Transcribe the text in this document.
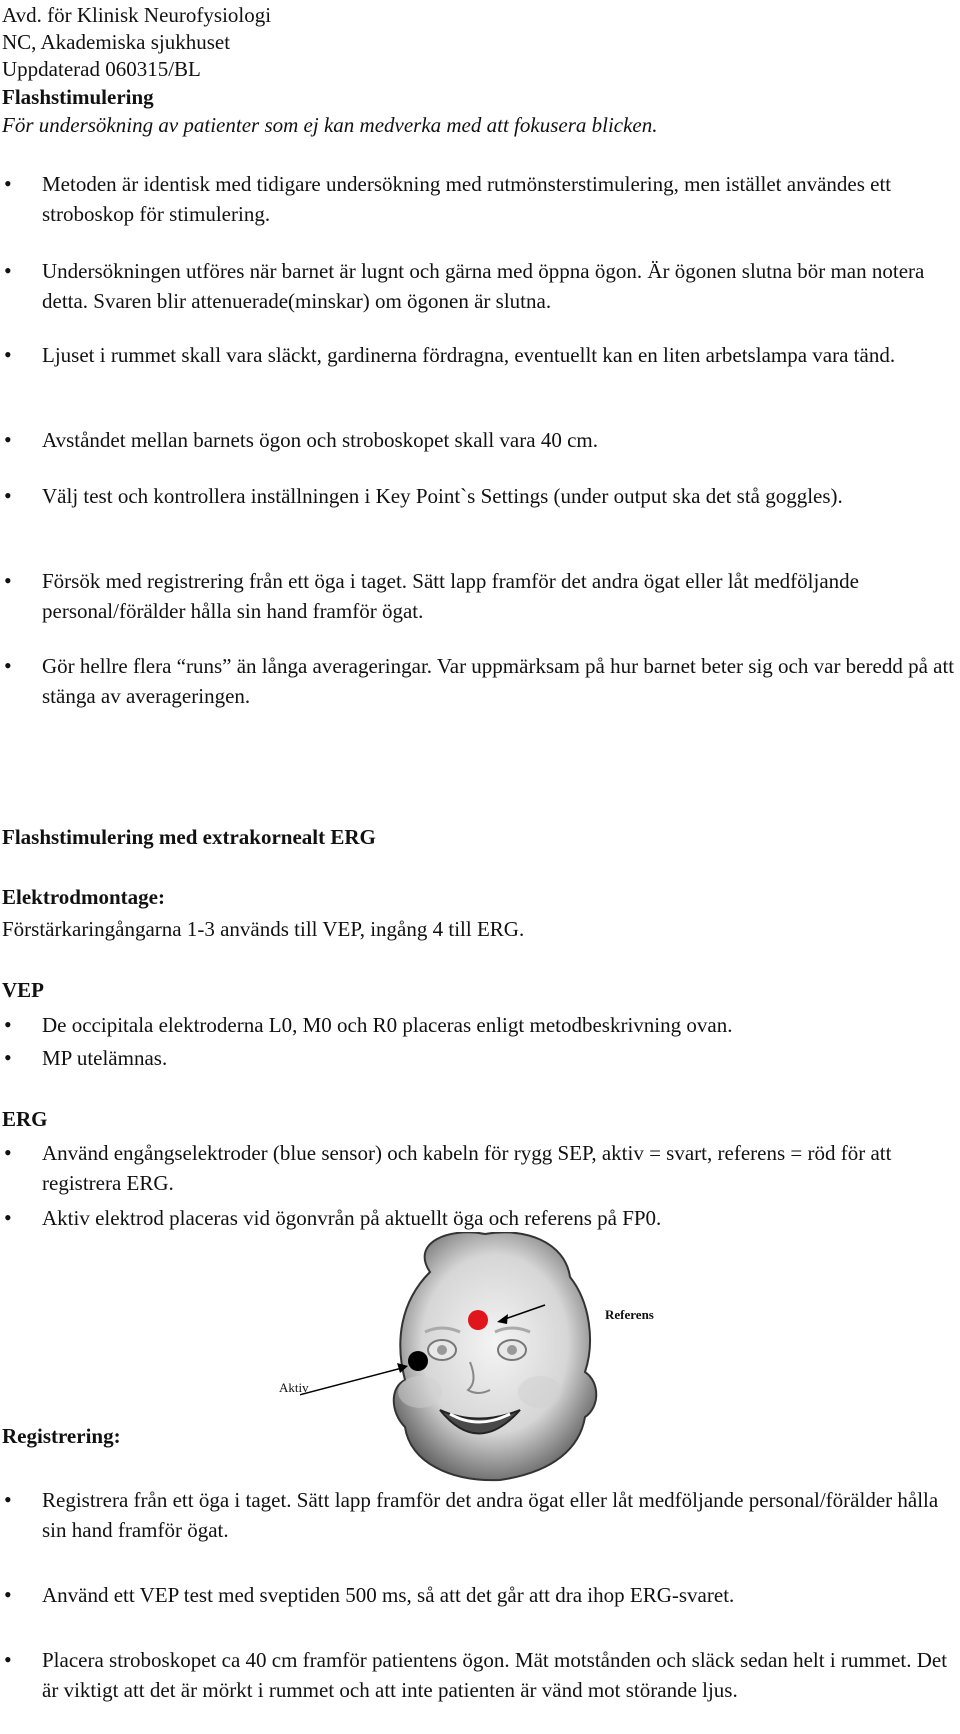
Avd. för Klinisk Neurofysiologi
NC, Akademiska sjukhuset
Uppdaterad 060315/BL
Flashstimulering
För undersökning av patienter som ej kan medverka med att fokusera blicken.
• Metoden är identisk med tidigare undersökning med rutmönsterstimulering, men istället användes ett stroboskop för stimulering.
• Undersökningen utföres när barnet är lugnt och gärna med öppna ögon. Är ögonen slutna bör man notera detta. Svaren blir attenuerade(minskar) om ögonen är slutna.
• Ljuset i rummet skall vara släckt, gardinerna fördragna, eventuellt kan en liten arbetslampa vara tänd.
• Avståndet mellan barnets ögon och stroboskopet skall vara 40 cm.
• Välj test och kontrollera inställningen i Key Point`s Settings (under output ska det stå goggles).
• Försök med registrering från ett öga i taget. Sätt lapp framför det andra ögat eller låt medföljande personal/förälder hålla sin hand framför ögat.
• Gör hellre flera “runs” än långa averageringar. Var uppmärksam på hur barnet beter sig och var beredd på att stänga av averageringen.
Flashstimulering med extrakornealt ERG
Elektrodmontage:
Förstärkaringångarna 1-3 används till VEP, ingång 4 till ERG.
VEP
• De occipitala elektroderna L0, M0 och R0 placeras enligt metodbeskrivning ovan.
• MP utelämnas.
ERG
• Använd engångselektroder (blue sensor) och kabeln för rygg SEP, aktiv = svart, referens = röd för att registrera ERG.
• Aktiv elektrod placeras vid ögonvrån på aktuellt öga och referens på FP0.
Referens
Aktiv
Registrering:
• Registrera från ett öga i taget. Sätt lapp framför det andra ögat eller låt medföljande personal/förälder hålla sin hand framför ögat.
• Använd ett VEP test med sveptiden 500 ms, så att det går att dra ihop ERG-svaret.
• Placera stroboskopet ca 40 cm framför patientens ögon. Mät motstånden och släck sedan helt i rummet. Det är viktigt att det är mörkt i rummet och att inte patienten är vänd mot störande ljus.
